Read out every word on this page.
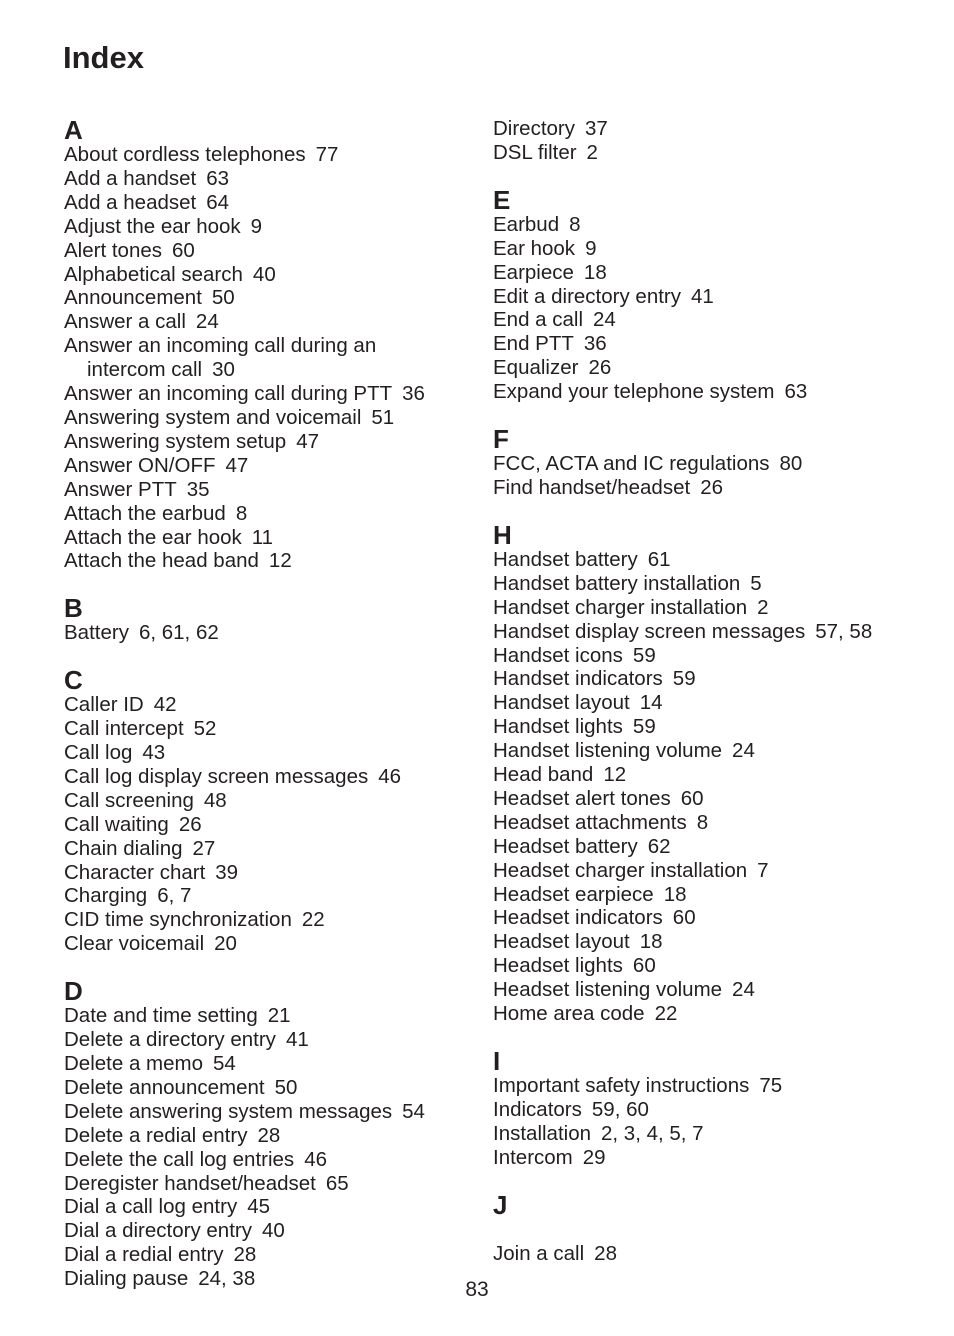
Index
A
About cordless telephones 77
Add a handset 63
Add a headset 64
Adjust the ear hook 9
Alert tones 60
Alphabetical search 40
Announcement 50
Answer a call 24
Answer an incoming call during an
intercom call 30
Answer an incoming call during PTT 36
Answering system and voicemail 51
Answering system setup 47
Answer ON/OFF 47
Answer PTT 35
Attach the earbud 8
Attach the ear hook 11
Attach the head band 12
B
Battery 6, 61, 62
C
Caller ID 42
Call intercept 52
Call log 43
Call log display screen messages 46
Call screening 48
Call waiting 26
Chain dialing 27
Character chart 39
Charging 6, 7
CID time synchronization 22
Clear voicemail 20
D
Date and time setting 21
Delete a directory entry 41
Delete a memo 54
Delete announcement 50
Delete answering system messages 54
Delete a redial entry 28
Delete the call log entries 46
Deregister handset/headset 65
Dial a call log entry 45
Dial a directory entry 40
Dial a redial entry 28
Dialing pause 24, 38
Directory 37
DSL filter 2
E
Earbud 8
Ear hook 9
Earpiece 18
Edit a directory entry 41
End a call 24
End PTT 36
Equalizer 26
Expand your telephone system 63
F
FCC, ACTA and IC regulations 80
Find handset/headset 26
H
Handset battery 61
Handset battery installation 5
Handset charger installation 2
Handset display screen messages 57, 58
Handset icons 59
Handset indicators 59
Handset layout 14
Handset lights 59
Handset listening volume 24
Head band 12
Headset alert tones 60
Headset attachments 8
Headset battery 62
Headset charger installation 7
Headset earpiece 18
Headset indicators 60
Headset layout 18
Headset lights 60
Headset listening volume 24
Home area code 22
I
Important safety instructions 75
Indicators 59, 60
Installation 2, 3, 4, 5, 7
Intercom 29
J
Join a call 28
83
